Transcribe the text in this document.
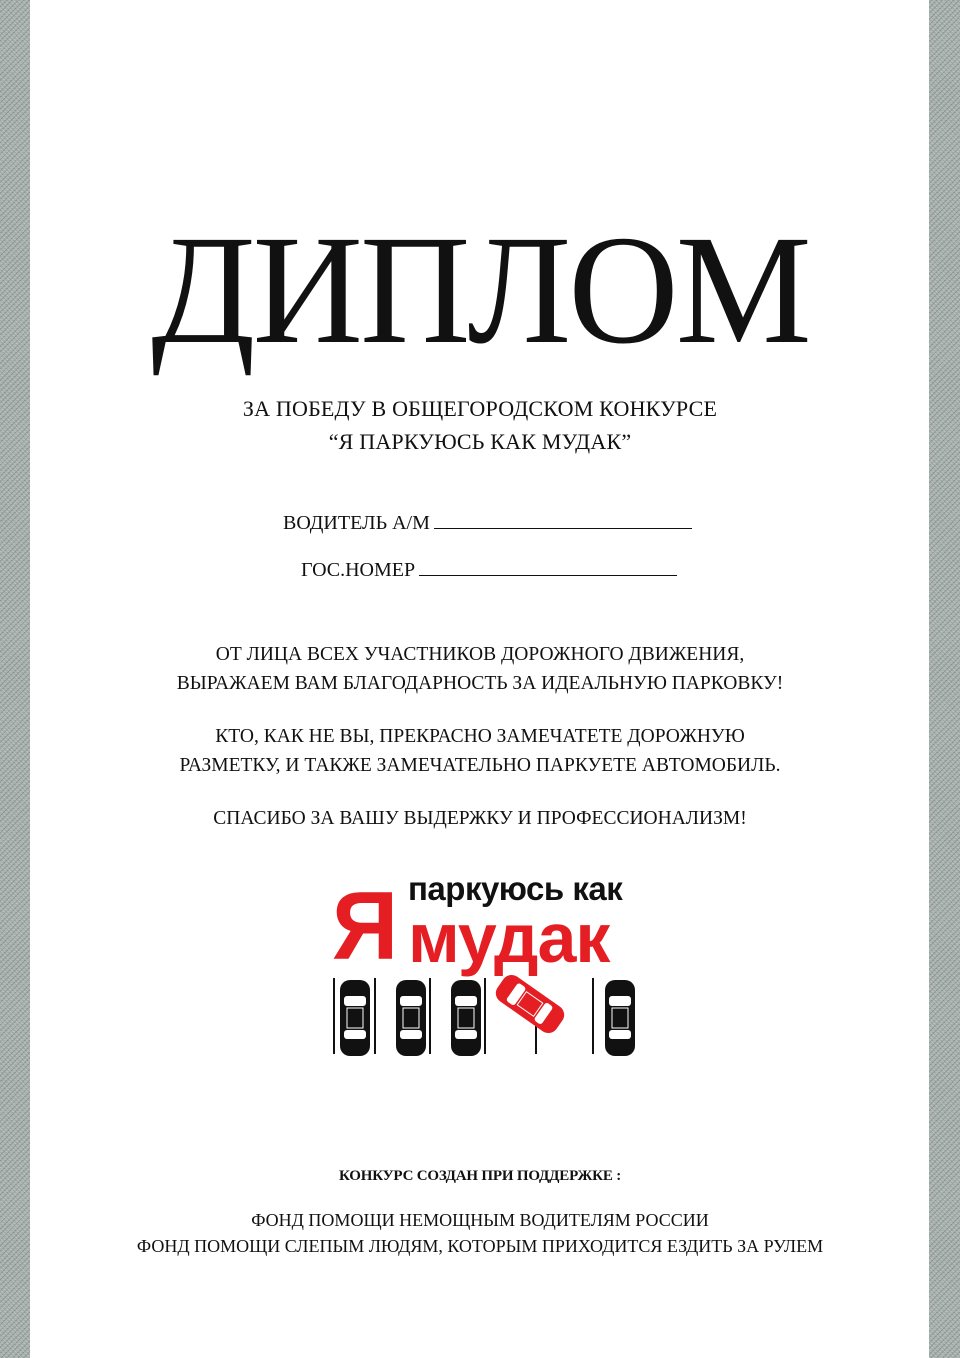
ДИПЛОМ
ЗА ПОБЕДУ В ОБЩЕГОРОДСКОМ КОНКУРСЕ
“Я ПАРКУЮСЬ КАК МУДАК”
ВОДИТЕЛЬ А/М
ГОС.НОМЕР
ОТ ЛИЦА ВСЕХ УЧАСТНИКОВ ДОРОЖНОГО ДВИЖЕНИЯ,
ВЫРАЖАЕМ ВАМ БЛАГОДАРНОСТЬ ЗА ИДЕАЛЬНУЮ ПАРКОВКУ!
КТО, КАК НЕ ВЫ, ПРЕКРАСНО ЗАМЕЧАТЕТЕ ДОРОЖНУЮ
РАЗМЕТКУ, И ТАКЖЕ ЗАМЕЧАТЕЛЬНО ПАРКУЕТЕ АВТОМОБИЛЬ.
СПАСИБО ЗА ВАШУ ВЫДЕРЖКУ И ПРОФЕССИОНАЛИЗМ!
паркуюсь как
Я мудак
КОНКУРС СОЗДАН ПРИ ПОДДЕРЖКЕ :
ФОНД ПОМОЩИ НЕМОЩНЫМ ВОДИТЕЛЯМ РОССИИ
ФОНД ПОМОЩИ СЛЕПЫМ ЛЮДЯМ, КОТОРЫМ ПРИХОДИТСЯ ЕЗДИТЬ ЗА РУЛЕМ
